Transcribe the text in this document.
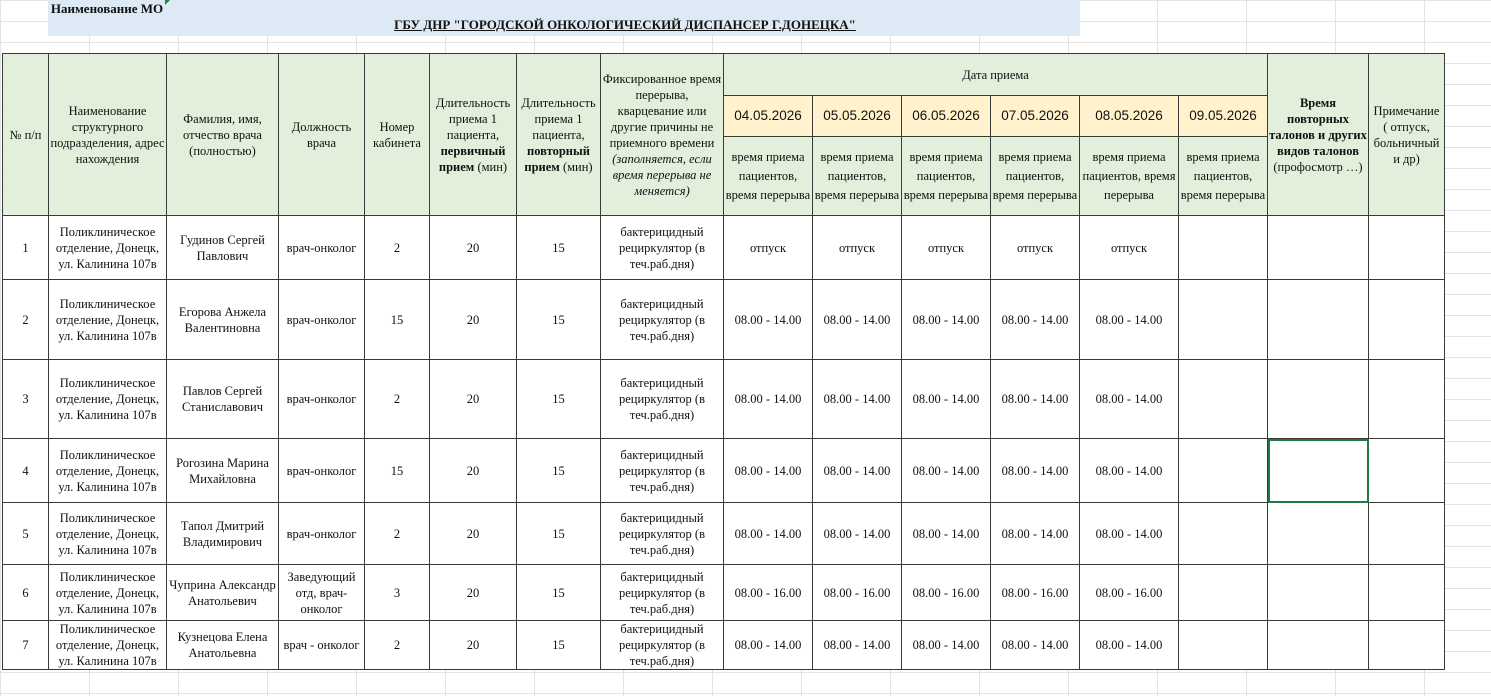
Наименование МО
ГБУ ДНР "ГОРОДСКОЙ ОНКОЛОГИЧЕСКИЙ ДИСПАНСЕР Г.ДОНЕЦКА"
№ п/п	Наименование структурного подразделения, адрес нахождения	Фамилия, имя, отчество врача (полностью)	Должность врача	Номер кабинета	Длительность приема 1 пациента, первичный прием (мин)	Длительность приема 1 пациента, повторный прием (мин)	Фиксированное время перерыва, кварцевание или другие причины не приемного времени (заполняется, если время перерыва не меняется)	Дата приема						Время повторных талонов и других видов талонов (профосмотр …)	Примечание ( отпуск, больничный и др)
								04.05.2026	05.05.2026	06.05.2026	07.05.2026	08.05.2026	09.05.2026		
								время приема пациентов, время перерыва	время приема пациентов, время перерыва	время приема пациентов, время перерыва	время приема пациентов, время перерыва	время приема пациентов, время перерыва	время приема пациентов, время перерыва		
1	Поликлиническое отделение, Донецк, ул. Калинина 107в	Гудинов Сергей Павлович	врач-онколог	2	20	15	бактерицидный рециркулятор (в теч.раб.дня)	отпуск	отпуск	отпуск	отпуск	отпуск			
2	Поликлиническое отделение, Донецк, ул. Калинина 107в	Егорова Анжела Валентиновна	врач-онколог	15	20	15	бактерицидный рециркулятор (в теч.раб.дня)	08.00 - 14.00	08.00 - 14.00	08.00 - 14.00	08.00 - 14.00	08.00 - 14.00			
3	Поликлиническое отделение, Донецк, ул. Калинина 107в	Павлов Сергей Станиславович	врач-онколог	2	20	15	бактерицидный рециркулятор (в теч.раб.дня)	08.00 - 14.00	08.00 - 14.00	08.00 - 14.00	08.00 - 14.00	08.00 - 14.00			
4	Поликлиническое отделение, Донецк, ул. Калинина 107в	Рогозина Марина Михайловна	врач-онколог	15	20	15	бактерицидный рециркулятор (в теч.раб.дня)	08.00 - 14.00	08.00 - 14.00	08.00 - 14.00	08.00 - 14.00	08.00 - 14.00			
5	Поликлиническое отделение, Донецк, ул. Калинина 107в	Тапол Дмитрий Владимирович	врач-онколог	2	20	15	бактерицидный рециркулятор (в теч.раб.дня)	08.00 - 14.00	08.00 - 14.00	08.00 - 14.00	08.00 - 14.00	08.00 - 14.00			
6	Поликлиническое отделение, Донецк, ул. Калинина 107в	Чуприна Александр Анатольевич	Заведующий отд, врач-онколог	3	20	15	бактерицидный рециркулятор (в теч.раб.дня)	08.00 - 16.00	08.00 - 16.00	08.00 - 16.00	08.00 - 16.00	08.00 - 16.00			
7	Поликлиническое отделение, Донецк, ул. Калинина 107в	Кузнецова Елена Анатольевна	врач - онколог	2	20	15	бактерицидный рециркулятор (в теч.раб.дня)	08.00 - 14.00	08.00 - 14.00	08.00 - 14.00	08.00 - 14.00	08.00 - 14.00			
